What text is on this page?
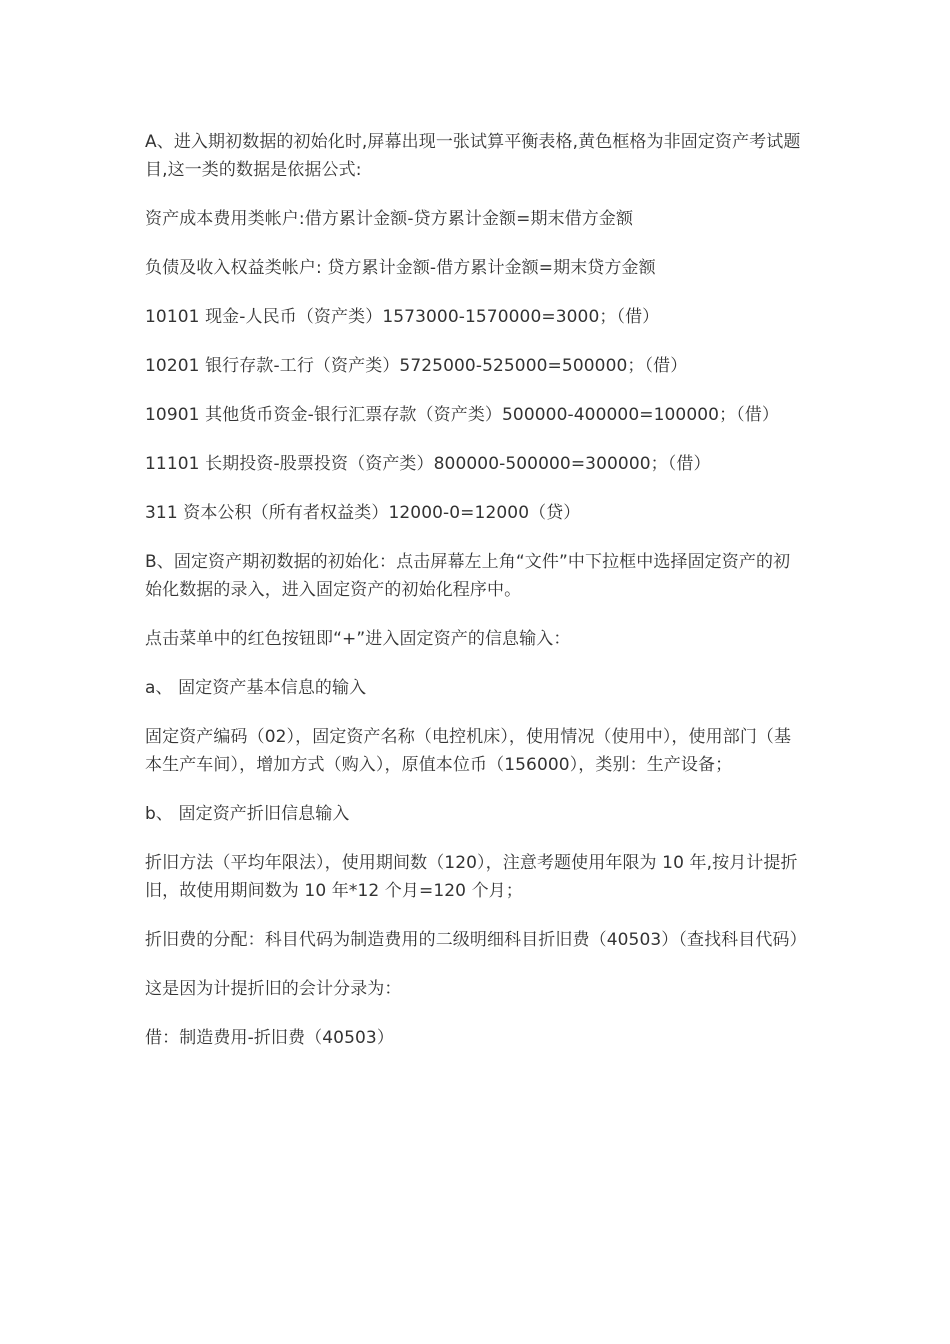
A、进入期初数据的初始化时,屏幕出现一张试算平衡表格,黄色框格为非固定资产考试题目,这一类的数据是依据公式:

资产成本费用类帐户:借方累计金额-贷方累计金额=期末借方金额

负债及收入权益类帐户: 贷方累计金额-借方累计金额=期末贷方金额

10101 现金-人民币（资产类）1573000-1570000=3000；（借）

10201 银行存款-工行（资产类）5725000-525000=500000；（借）

10901 其他货币资金-银行汇票存款（资产类）500000-400000=100000；（借）

11101 长期投资-股票投资（资产类）800000-500000=300000；（借）

311 资本公积（所有者权益类）12000-0=12000（贷）

B、固定资产期初数据的初始化：点击屏幕左上角“文件”中下拉框中选择固定资产的初始化数据的录入，进入固定资产的初始化程序中。

点击菜单中的红色按钮即“+”进入固定资产的信息输入：

a、 固定资产基本信息的输入

固定资产编码（02），固定资产名称（电控机床），使用情况（使用中），使用部门（基本生产车间），增加方式（购入），原值本位币（156000），类别：生产设备；

b、 固定资产折旧信息输入

折旧方法（平均年限法），使用期间数（120），注意考题使用年限为 10 年,按月计提折旧，故使用期间数为 10 年*12 个月=120 个月；

折旧费的分配：科目代码为制造费用的二级明细科目折旧费（40503）（查找科目代码）

这是因为计提折旧的会计分录为：

借：制造费用-折旧费（40503）
